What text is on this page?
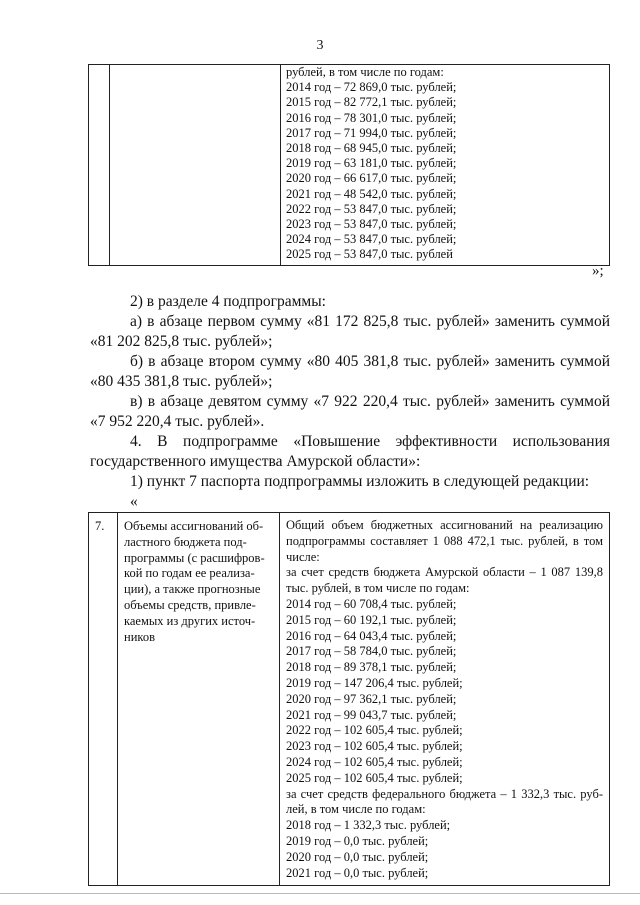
3

рублей, в том числе по годам:
2014 год – 72 869,0 тыс. рублей;
2015 год – 82 772,1 тыс. рублей;
2016 год – 78 301,0 тыс. рублей;
2017 год – 71 994,0 тыс. рублей;
2018 год – 68 945,0 тыс. рублей;
2019 год – 63 181,0 тыс. рублей;
2020 год – 66 617,0 тыс. рублей;
2021 год – 48 542,0 тыс. рублей;
2022 год – 53 847,0 тыс. рублей;
2023 год – 53 847,0 тыс. рублей;
2024 год – 53 847,0 тыс. рублей;
2025 год – 53 847,0 тыс. рублей
»;
2) в разделе 4 подпрограммы:
а) в абзаце первом сумму «81 172 825,8 тыс. рублей» заменить суммой
«81 202 825,8 тыс. рублей»;
б) в абзаце втором сумму «80 405 381,8 тыс. рублей» заменить суммой
«80 435 381,8 тыс. рублей»;
в) в абзаце девятом сумму «7 922 220,4 тыс. рублей» заменить суммой
«7 952 220,4 тыс. рублей».
4. В подпрограмме «Повышение эффективности использования
государственного имущества Амурской области»:
1) пункт 7 паспорта подпрограммы изложить в следующей редакции:
«
7.	Объемы ассигнований об-
ластного бюджета под-
программы (с расшифров-
кой по годам ее реализа-
ции), а также прогнозные
объемы средств, привле-
каемых из других источ-
ников

Общий объем бюджетных ассигнований на реализацию
подпрограммы составляет 1 088 472,1 тыс. рублей, в том
числе:
за счет средств бюджета Амурской области – 1 087 139,8
тыс. рублей, в том числе по годам:
2014 год – 60 708,4 тыс. рублей;
2015 год – 60 192,1 тыс. рублей;
2016 год – 64 043,4 тыс. рублей;
2017 год – 58 784,0 тыс. рублей;
2018 год – 89 378,1 тыс. рублей;
2019 год – 147 206,4 тыс. рублей;
2020 год – 97 362,1 тыс. рублей;
2021 год – 99 043,7 тыс. рублей;
2022 год – 102 605,4 тыс. рублей;
2023 год – 102 605,4 тыс. рублей;
2024 год – 102 605,4 тыс. рублей;
2025 год – 102 605,4 тыс. рублей;
за счет средств федерального бюджета – 1 332,3 тыс. руб-
лей, в том числе по годам:
2018 год – 1 332,3 тыс. рублей;
2019 год – 0,0 тыс. рублей;
2020 год – 0,0 тыс. рублей;
2021 год – 0,0 тыс. рублей;
